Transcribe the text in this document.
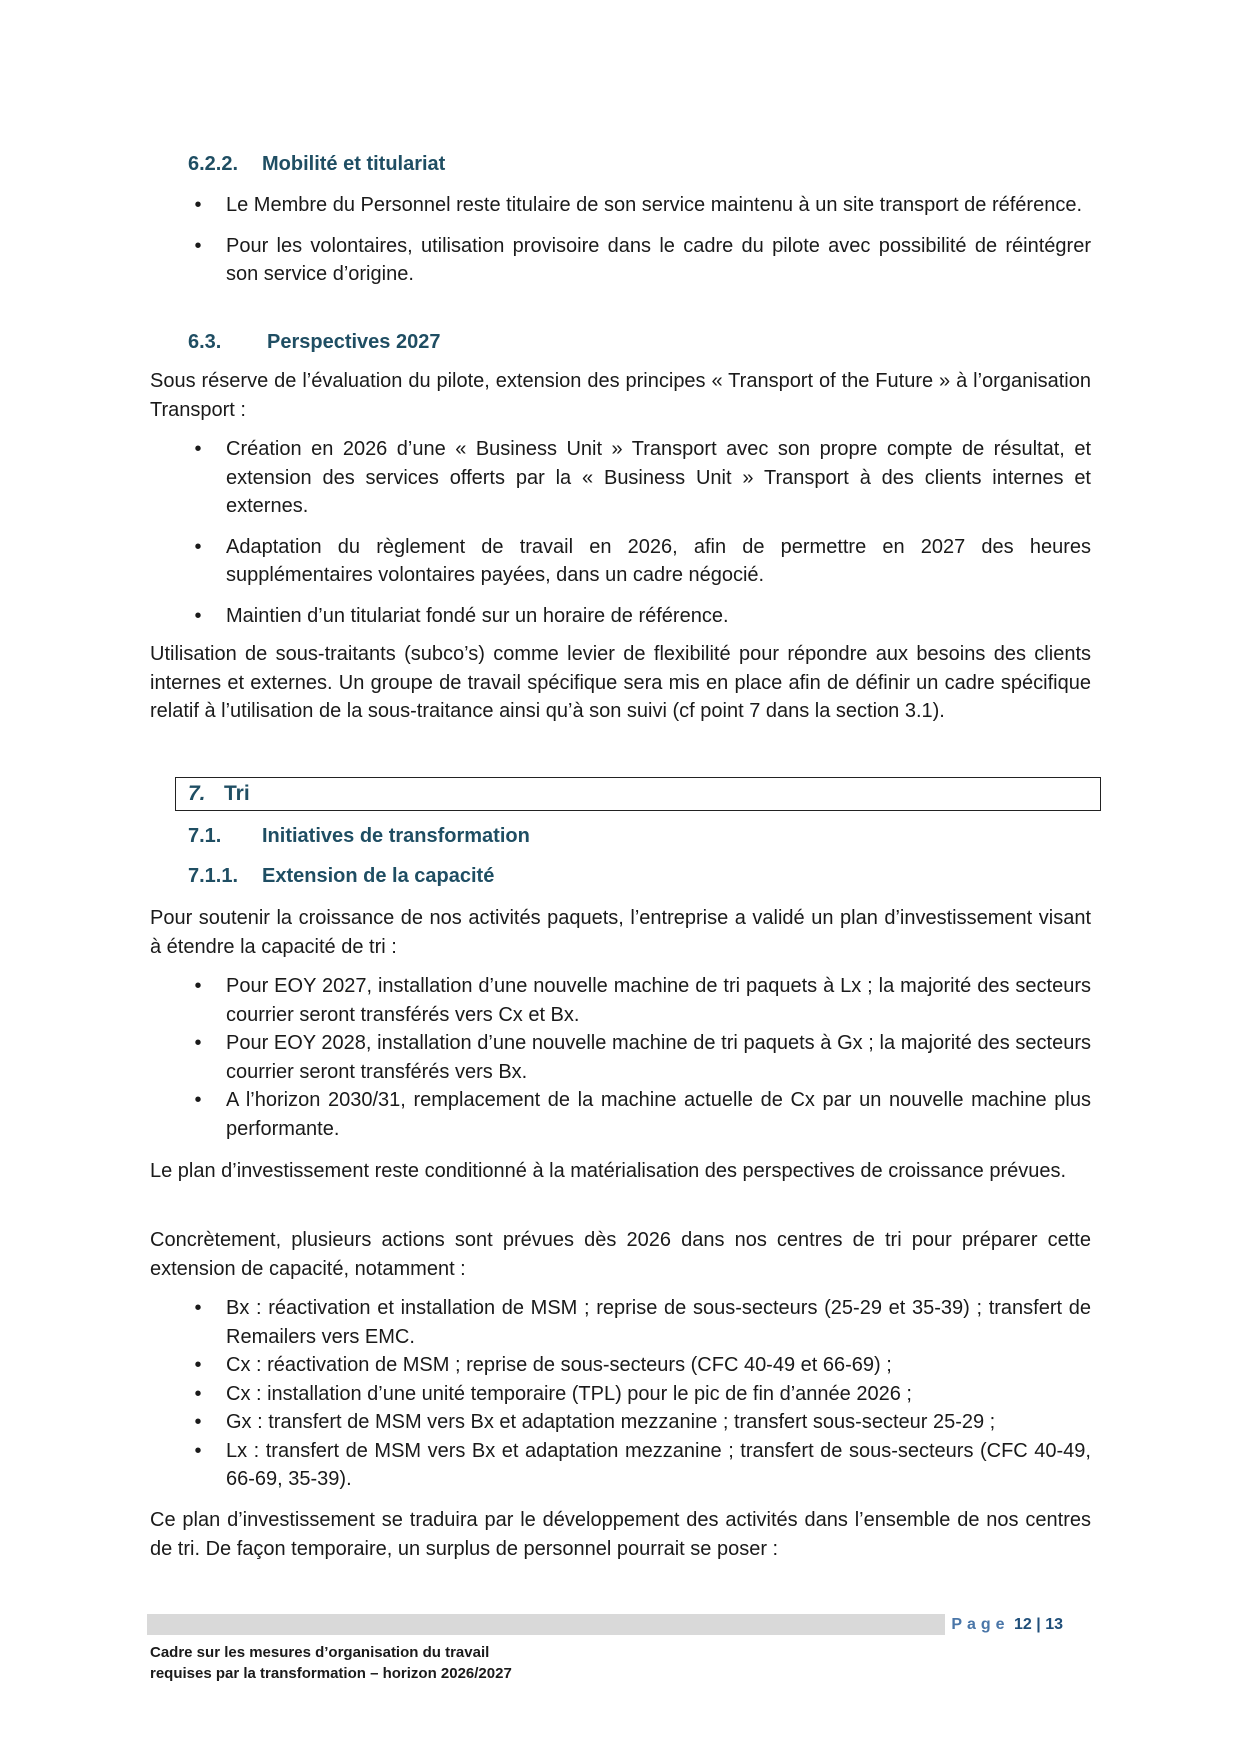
6.2.2. Mobilité et titulariat
•	Le Membre du Personnel reste titulaire de son service maintenu à un site transport de référence.
•	Pour les volontaires, utilisation provisoire dans le cadre du pilote avec possibilité de réintégrer son service d’origine.
6.3. Perspectives 2027

Sous réserve de l’évaluation du pilote, extension des principes « Transport of the Future » à l’organisation Transport :

•	Création en 2026 d’une « Business Unit » Transport avec son propre compte de résultat, et extension des services offerts par la « Business Unit » Transport à des clients internes et externes.
•	Adaptation du règlement de travail en 2026, afin de permettre en 2027 des heures supplémentaires volontaires payées, dans un cadre négocié.
•	Maintien d’un titulariat fondé sur un horaire de référence.

Utilisation de sous-traitants (subco’s) comme levier de flexibilité pour répondre aux besoins des clients internes et externes. Un groupe de travail spécifique sera mis en place afin de définir un cadre spécifique relatif à l’utilisation de la sous-traitance ainsi qu’à son suivi (cf point 7 dans la section 3.1).

7. Tri
7.1. Initiatives de transformation
7.1.1. Extension de la capacité

Pour soutenir la croissance de nos activités paquets, l’entreprise a validé un plan d’investissement visant à étendre la capacité de tri :

•	Pour EOY 2027, installation d’une nouvelle machine de tri paquets à Lx ; la majorité des secteurs courrier seront transférés vers Cx et Bx.
•	Pour EOY 2028, installation d’une nouvelle machine de tri paquets à Gx ; la majorité des secteurs courrier seront transférés vers Bx.
•	A l’horizon 2030/31, remplacement de la machine actuelle de Cx par un nouvelle machine plus performante.

Le plan d’investissement reste conditionné à la matérialisation des perspectives de croissance prévues.

Concrètement, plusieurs actions sont prévues dès 2026 dans nos centres de tri pour préparer cette extension de capacité, notamment :

•	Bx : réactivation et installation de MSM ; reprise de sous-secteurs (25-29 et 35-39) ; transfert de Remailers vers EMC.
•	Cx : réactivation de MSM ; reprise de sous-secteurs (CFC 40-49 et 66-69) ;
•	Cx : installation d’une unité temporaire (TPL) pour le pic de fin d’année 2026 ;
•	Gx : transfert de MSM vers Bx et adaptation mezzanine ; transfert sous-secteur 25-29 ;
•	Lx : transfert de MSM vers Bx et adaptation mezzanine ; transfert de sous-secteurs (CFC 40-49, 66-69, 35-39).

Ce plan d’investissement se traduira par le développement des activités dans l’ensemble de nos centres de tri. De façon temporaire, un surplus de personnel pourrait se poser :

Page 12 | 13
Cadre sur les mesures d’organisation du travail
requises par la transformation – horizon 2026/2027
